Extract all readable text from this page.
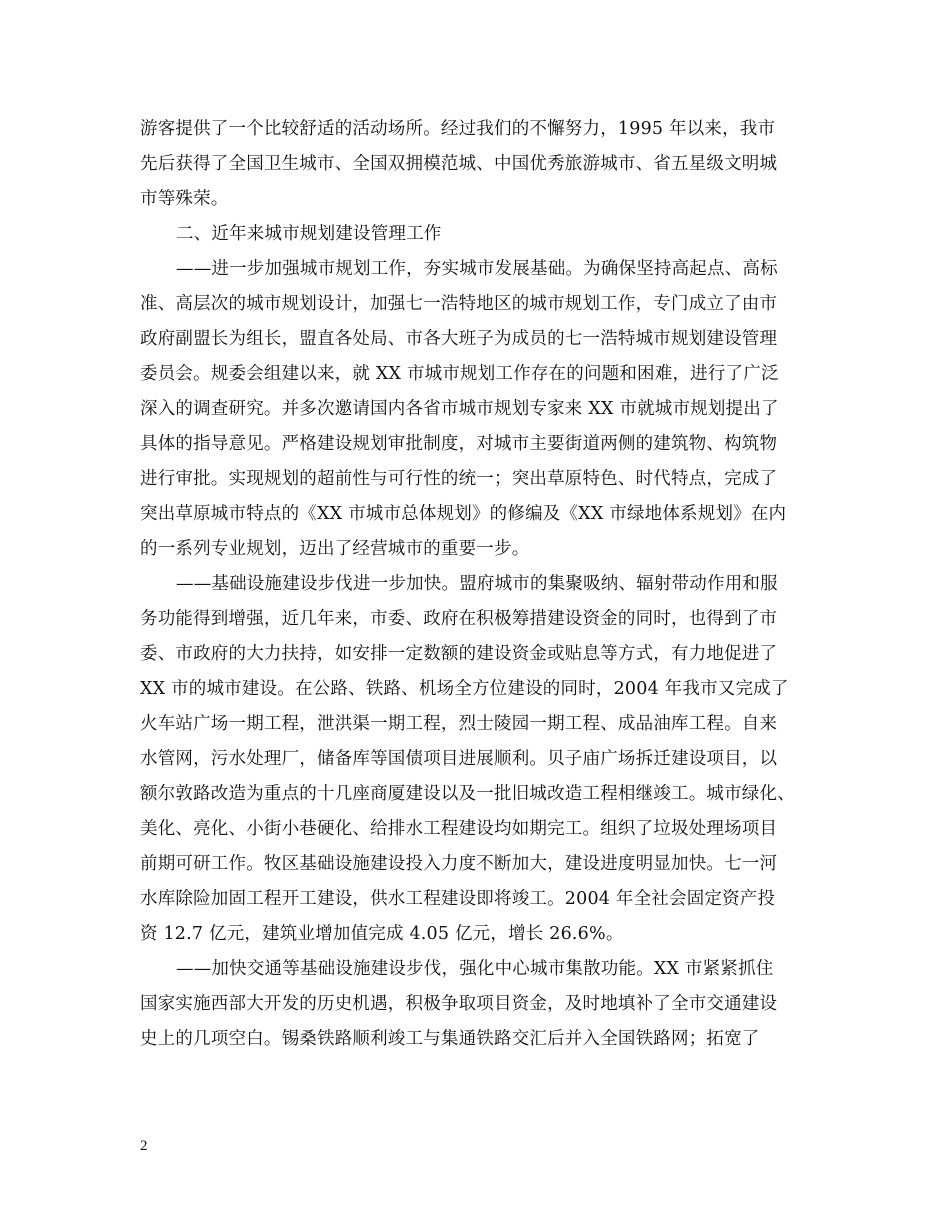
游客提供了一个比较舒适的活动场所。经过我们的不懈努力，1995 年以来，我市
先后获得了全国卫生城市、全国双拥模范城、中国优秀旅游城市、省五星级文明城
市等殊荣。
二、近年来城市规划建设管理工作
——进一步加强城市规划工作，夯实城市发展基础。为确保坚持高起点、高标
准、高层次的城市规划设计，加强七一浩特地区的城市规划工作，专门成立了由市
政府副盟长为组长，盟直各处局、市各大班子为成员的七一浩特城市规划建设管理
委员会。规委会组建以来，就 XX 市城市规划工作存在的问题和困难，进行了广泛
深入的调查研究。并多次邀请国内各省市城市规划专家来 XX 市就城市规划提出了
具体的指导意见。严格建设规划审批制度，对城市主要街道两侧的建筑物、构筑物
进行审批。实现规划的超前性与可行性的统一；突出草原特色、时代特点，完成了
突出草原城市特点的《XX 市城市总体规划》的修编及《XX 市绿地体系规划》在内
的一系列专业规划，迈出了经营城市的重要一步。
——基础设施建设步伐进一步加快。盟府城市的集聚吸纳、辐射带动作用和服
务功能得到增强，近几年来，市委、政府在积极筹措建设资金的同时，也得到了市
委、市政府的大力扶持，如安排一定数额的建设资金或贴息等方式，有力地促进了
XX 市的城市建设。在公路、铁路、机场全方位建设的同时，2004 年我市又完成了
火车站广场一期工程，泄洪渠一期工程，烈士陵园一期工程、成品油库工程。自来
水管网，污水处理厂，储备库等国债项目进展顺利。贝子庙广场拆迁建设项目，以
额尔敦路改造为重点的十几座商厦建设以及一批旧城改造工程相继竣工。城市绿化、
美化、亮化、小街小巷硬化、给排水工程建设均如期完工。组织了垃圾处理场项目
前期可研工作。牧区基础设施建设投入力度不断加大，建设进度明显加快。七一河
水库除险加固工程开工建设，供水工程建设即将竣工。2004 年全社会固定资产投
资 12.7 亿元，建筑业增加值完成 4.05 亿元，增长 26.6%。
——加快交通等基础设施建设步伐，强化中心城市集散功能。XX 市紧紧抓住
国家实施西部大开发的历史机遇，积极争取项目资金，及时地填补了全市交通建设
史上的几项空白。锡桑铁路顺利竣工与集通铁路交汇后并入全国铁路网；拓宽了
2
